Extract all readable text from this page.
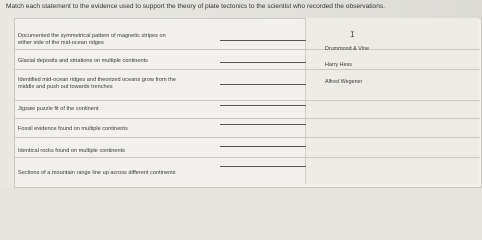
Match each statement to the evidence used to support the theory of plate tectonics to the scientist who recorded the observations.
Documented the symmetrical pattern of magnetic stripes on
either side of the mid-ocean ridges
Glacial deposits and striations on multiple continents
Identified mid-ocean ridges and theorized oceans grow from the
middle and push out towards trenches
Jigsaw puzzle fit of the continent
Fossil evidence found on multiple continents
Identical rocks found on multiple continents
Sections of a mountain range line up across different continents
Drummond & Vine
Harry Hess
Alfred Wegener
I
